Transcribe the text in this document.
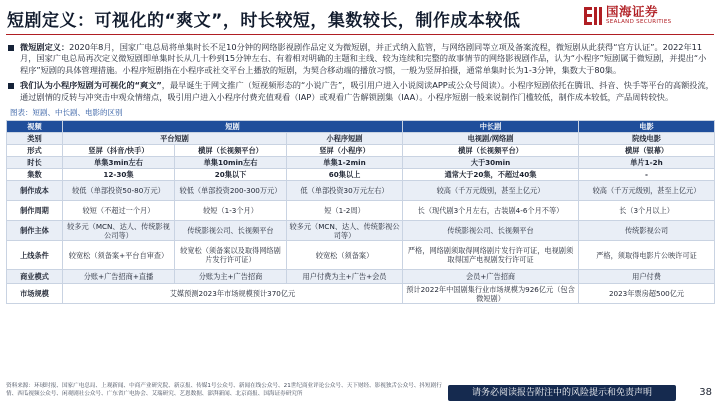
短剧定义：可视化的“爽文”，时长较短，集数较长，制作成本较低	国海证券
SEALAND SECURITIES
微短剧定义：2020年8月，国家广电总局将单集时长不足10分钟的网络影视剧作品定义为微短剧，并正式纳入监管，与网络剧同等立项及备案流程，微短剧从此获得“官方认证”。2022年11月，国家广电总局再次定义微短剧即单集时长从几十秒到15分钟左右、有着相对明确的主题和主线、较为连续和完整的故事情节的网络影视剧作品，认为“小程序”短剧属于微短剧，并提出“小程序”短剧的具体管理措施。小程序短剧指在小程序或社交平台上播放的短剧，为契合移动端的播放习惯，一般为竖屏拍摄，通常单集时长为1-3分钟，集数大于80集。
我们认为小程序短剧为可视化的“爽文”，最早诞生于网文推广（短视频形态的“小说广告”，吸引用户进入小说阅读APP或公众号阅读）。小程序短剧依托在腾讯、抖音、快手等平台的高额投流，通过剧情的反转与冲突击中观众情绪点，吸引用户进入小程序付费充值观看（IAP）或观看广告解锁剧集（IAA）。小程序短剧一般来说制作门槛较低，制作成本较低，产品周转较快。
图表：短剧、中长剧、电影的区别
视频	短剧			中长剧	电影
类别	平台短剧		小程序短剧	电视剧/网络剧	院线电影
形式	竖屏（抖音/快手）	横屏（长视频平台）	竖屏（小程序）	横屏（长视频平台）	横屏（银幕）
时长	单集3min左右	单集10min左右	单集1-2min	大于30min	单片1-2h
集数	12-30集	20集以下	60集以上	通常大于20集，不超过40集	-
制作成本	较低（单部投资50-80万元）	较低（单部投资200-300万元）	低（单部投资30万元左右）	较高（千万元级别，甚至上亿元）	较高（千万元级别，甚至上亿元）
制作周期	较短（不超过一个月）	较短（1-3个月）	短（1-2周）	长（现代剧3个月左右，古装剧4-6个月不等）	长（3个月以上）
制作主体	较多元（MCN、达人、传统影视公司等）	传统影视公司、长视频平台	较多元（MCN、达人、传统影视公司等）	传统影视公司、长视频平台	传统影视公司
上线条件	较宽松（须备案+平台自审查）	较宽松（须备案以及取得网络剧片发行许可证）	较宽松（须备案）	严格，网络剧须取得网络剧片发行许可证，电视剧须取得国产电视剧发行许可证	严格，须取得电影片公映许可证
商业模式	分账+广告招商+直播	分账为主+广告招商	用户付费为主+广告+会员	会员+广告招商	用户付费
市场规模	艾媒预测2023年市场规模预计370亿元			预计2022年中国剧集行业市场规模为926亿元（包含微短剧）	2023年票房超500亿元
资料来源：环球时报、国家广电总局、上观新闻、中商产业研究院、新京报、传媒1号公众号、新闻在线公众号、21世纪商业评论公众号、天下财经、影视独舌公众号、抖短剧行情、西瓜视频公众号、闲观剧社公众号、广东省广电协会、艾瑞研究、艺恩数据、澎湃新闻、北京商报、国海证券研究所	请务必阅读报告附注中的风险提示和免责声明	38
